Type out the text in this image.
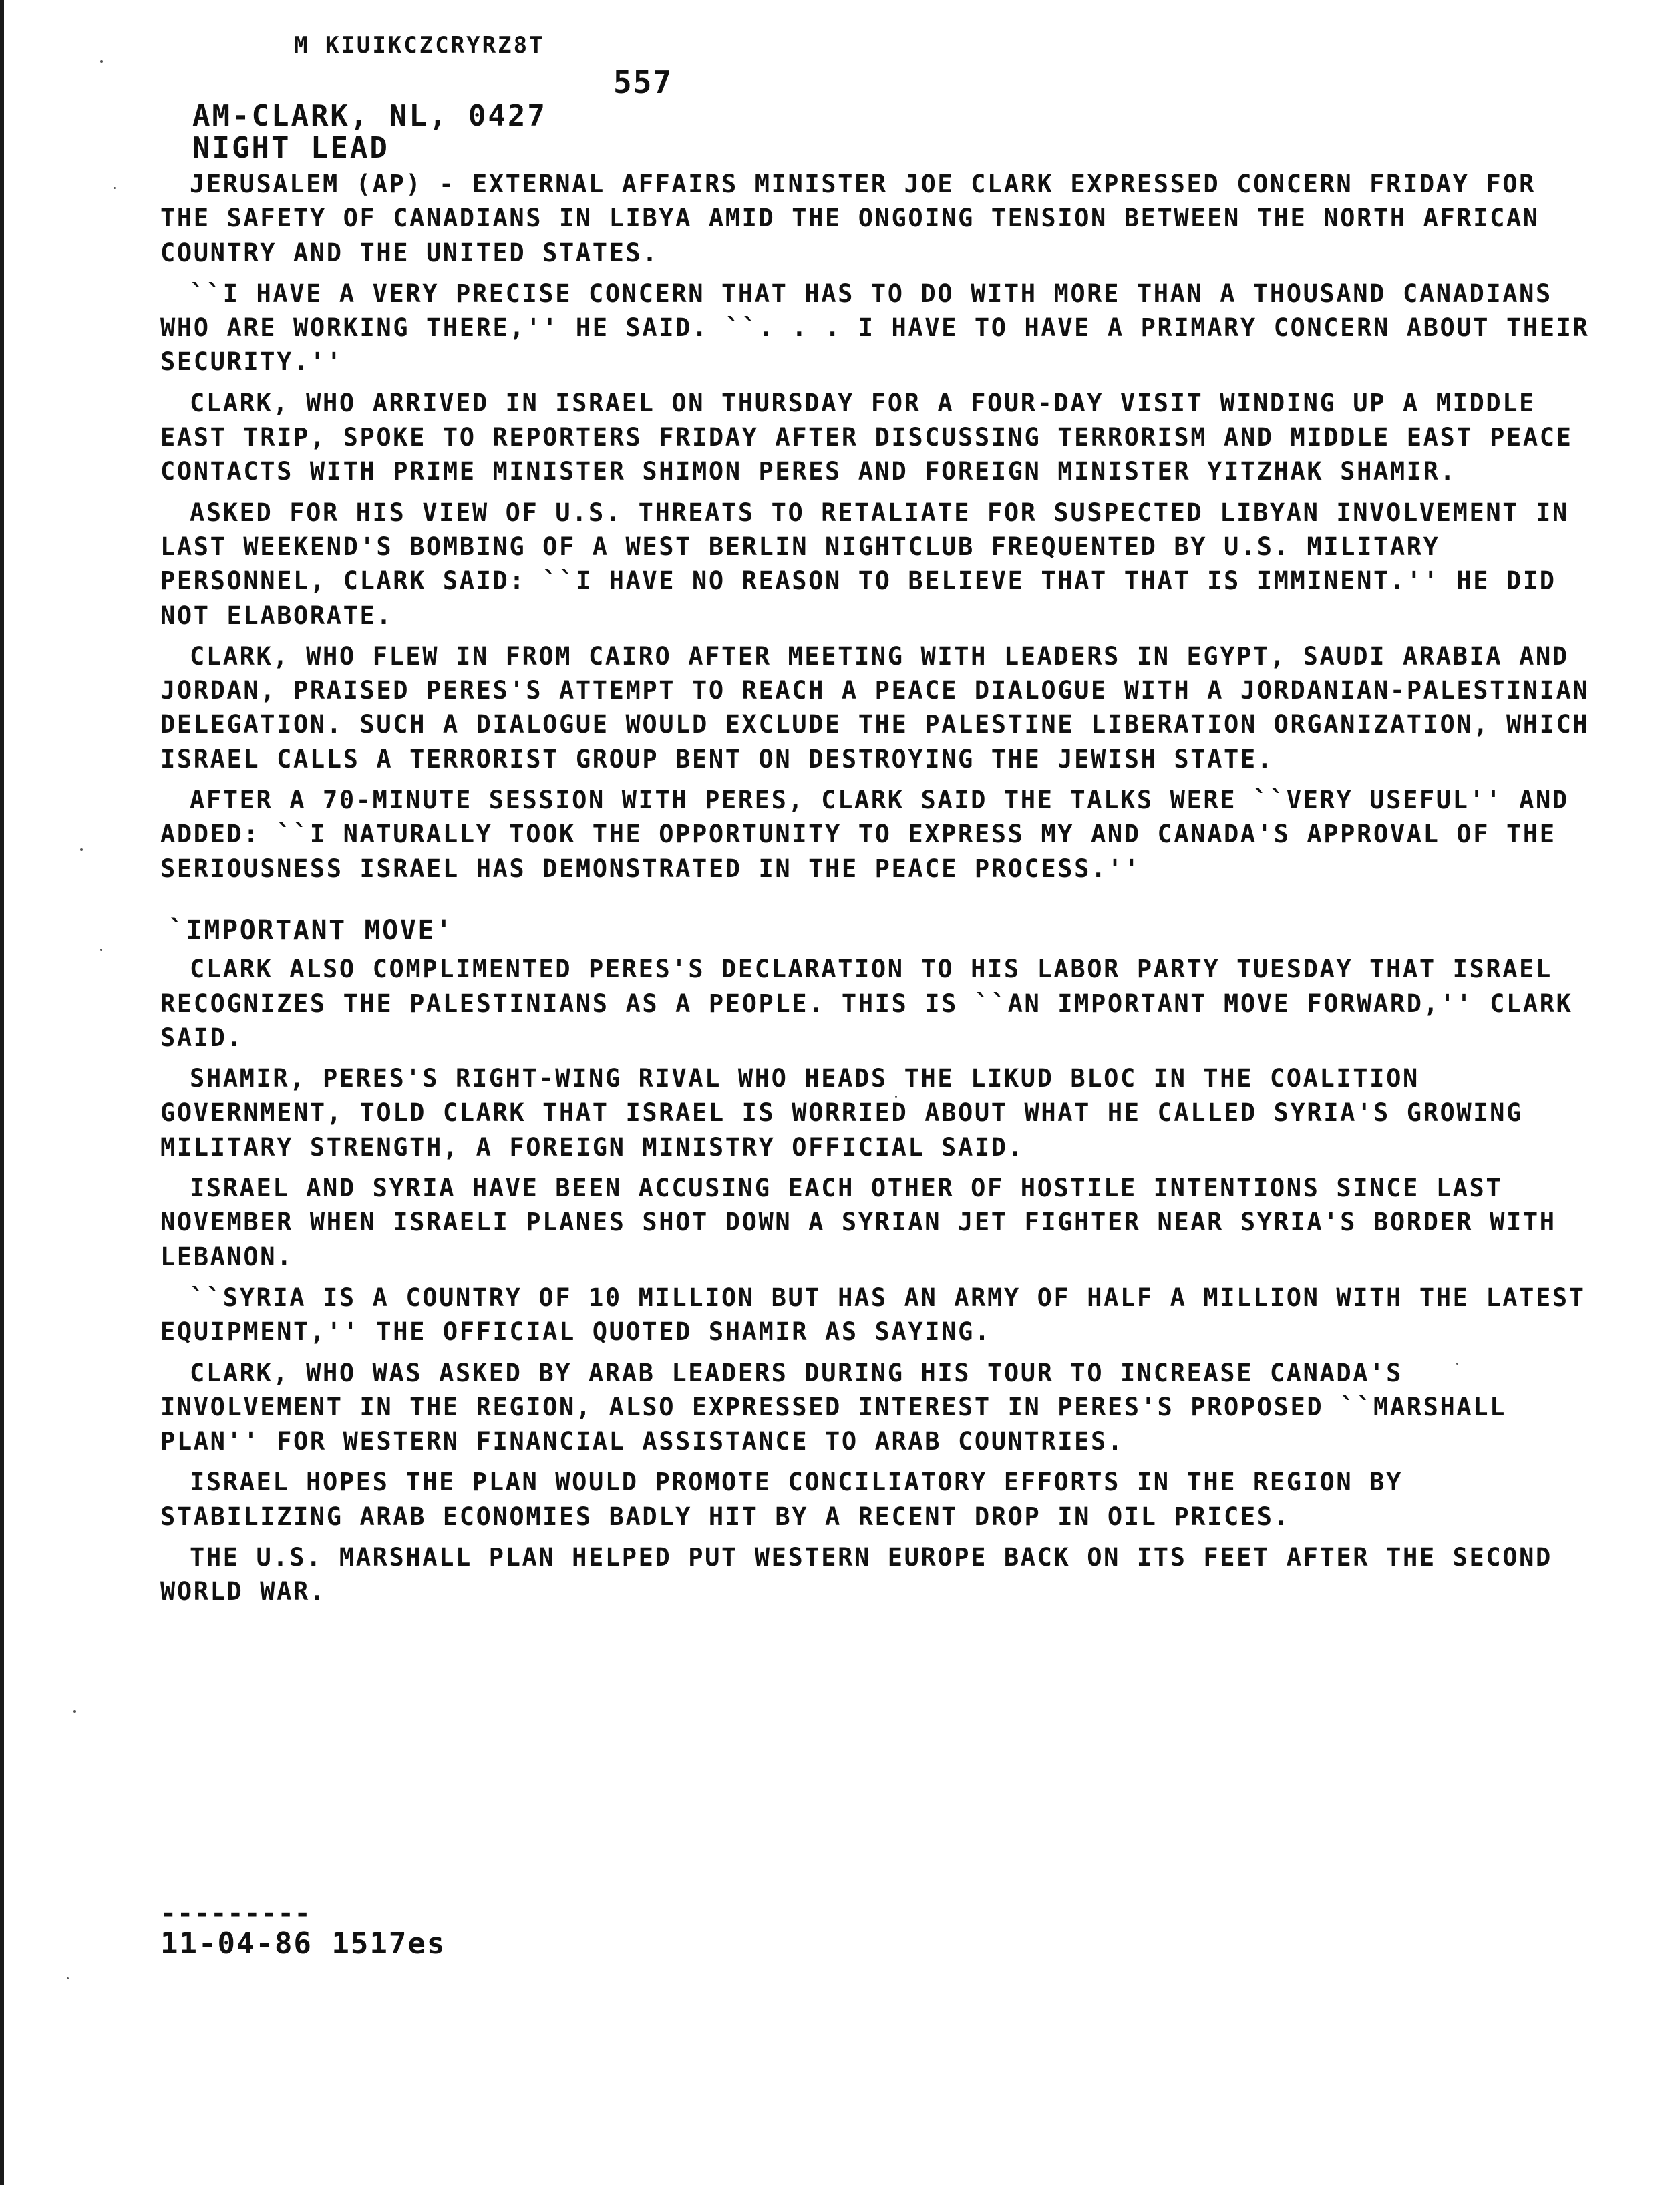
M KIUIKCZCRYRZ8T
557
AM-CLARK, NL, 0427
NIGHT LEAD

JERUSALEM (AP) - EXTERNAL AFFAIRS MINISTER JOE CLARK EXPRESSED CONCERN FRIDAY FOR THE SAFETY OF CANADIANS IN LIBYA AMID THE ONGOING TENSION BETWEEN THE NORTH AFRICAN COUNTRY AND THE UNITED STATES.

``I HAVE A VERY PRECISE CONCERN THAT HAS TO DO WITH MORE THAN A THOUSAND CANADIANS WHO ARE WORKING THERE,'' HE SAID. ``. . . I HAVE TO HAVE A PRIMARY CONCERN ABOUT THEIR SECURITY.''

CLARK, WHO ARRIVED IN ISRAEL ON THURSDAY FOR A FOUR-DAY VISIT WINDING UP A MIDDLE EAST TRIP, SPOKE TO REPORTERS FRIDAY AFTER DISCUSSING TERRORISM AND MIDDLE EAST PEACE CONTACTS WITH PRIME MINISTER SHIMON PERES AND FOREIGN MINISTER YITZHAK SHAMIR.

ASKED FOR HIS VIEW OF U.S. THREATS TO RETALIATE FOR SUSPECTED LIBYAN INVOLVEMENT IN LAST WEEKEND'S BOMBING OF A WEST BERLIN NIGHTCLUB FREQUENTED BY U.S. MILITARY PERSONNEL, CLARK SAID: ``I HAVE NO REASON TO BELIEVE THAT THAT IS IMMINENT.'' HE DID NOT ELABORATE.

CLARK, WHO FLEW IN FROM CAIRO AFTER MEETING WITH LEADERS IN EGYPT, SAUDI ARABIA AND JORDAN, PRAISED PERES'S ATTEMPT TO REACH A PEACE DIALOGUE WITH A JORDANIAN-PALESTINIAN DELEGATION. SUCH A DIALOGUE WOULD EXCLUDE THE PALESTINE LIBERATION ORGANIZATION, WHICH ISRAEL CALLS A TERRORIST GROUP BENT ON DESTROYING THE JEWISH STATE.

AFTER A 70-MINUTE SESSION WITH PERES, CLARK SAID THE TALKS WERE ``VERY USEFUL'' AND ADDED: ``I NATURALLY TOOK THE OPPORTUNITY TO EXPRESS MY AND CANADA'S APPROVAL OF THE SERIOUSNESS ISRAEL HAS DEMONSTRATED IN THE PEACE PROCESS.''

`IMPORTANT MOVE'

CLARK ALSO COMPLIMENTED PERES'S DECLARATION TO HIS LABOR PARTY TUESDAY THAT ISRAEL RECOGNIZES THE PALESTINIANS AS A PEOPLE. THIS IS ``AN IMPORTANT MOVE FORWARD,'' CLARK SAID.

SHAMIR, PERES'S RIGHT-WING RIVAL WHO HEADS THE LIKUD BLOC IN THE COALITION GOVERNMENT, TOLD CLARK THAT ISRAEL IS WORRIED ABOUT WHAT HE CALLED SYRIA'S GROWING MILITARY STRENGTH, A FOREIGN MINISTRY OFFICIAL SAID.

ISRAEL AND SYRIA HAVE BEEN ACCUSING EACH OTHER OF HOSTILE INTENTIONS SINCE LAST NOVEMBER WHEN ISRAELI PLANES SHOT DOWN A SYRIAN JET FIGHTER NEAR SYRIA'S BORDER WITH LEBANON.

``SYRIA IS A COUNTRY OF 10 MILLION BUT HAS AN ARMY OF HALF A MILLION WITH THE LATEST EQUIPMENT,'' THE OFFICIAL QUOTED SHAMIR AS SAYING.

CLARK, WHO WAS ASKED BY ARAB LEADERS DURING HIS TOUR TO INCREASE CANADA'S INVOLVEMENT IN THE REGION, ALSO EXPRESSED INTEREST IN PERES'S PROPOSED ``MARSHALL PLAN'' FOR WESTERN FINANCIAL ASSISTANCE TO ARAB COUNTRIES.

ISRAEL HOPES THE PLAN WOULD PROMOTE CONCILIATORY EFFORTS IN THE REGION BY STABILIZING ARAB ECONOMIES BADLY HIT BY A RECENT DROP IN OIL PRICES.

THE U.S. MARSHALL PLAN HELPED PUT WESTERN EUROPE BACK ON ITS FEET AFTER THE SECOND WORLD WAR.

---------
11-04-86 1517es
